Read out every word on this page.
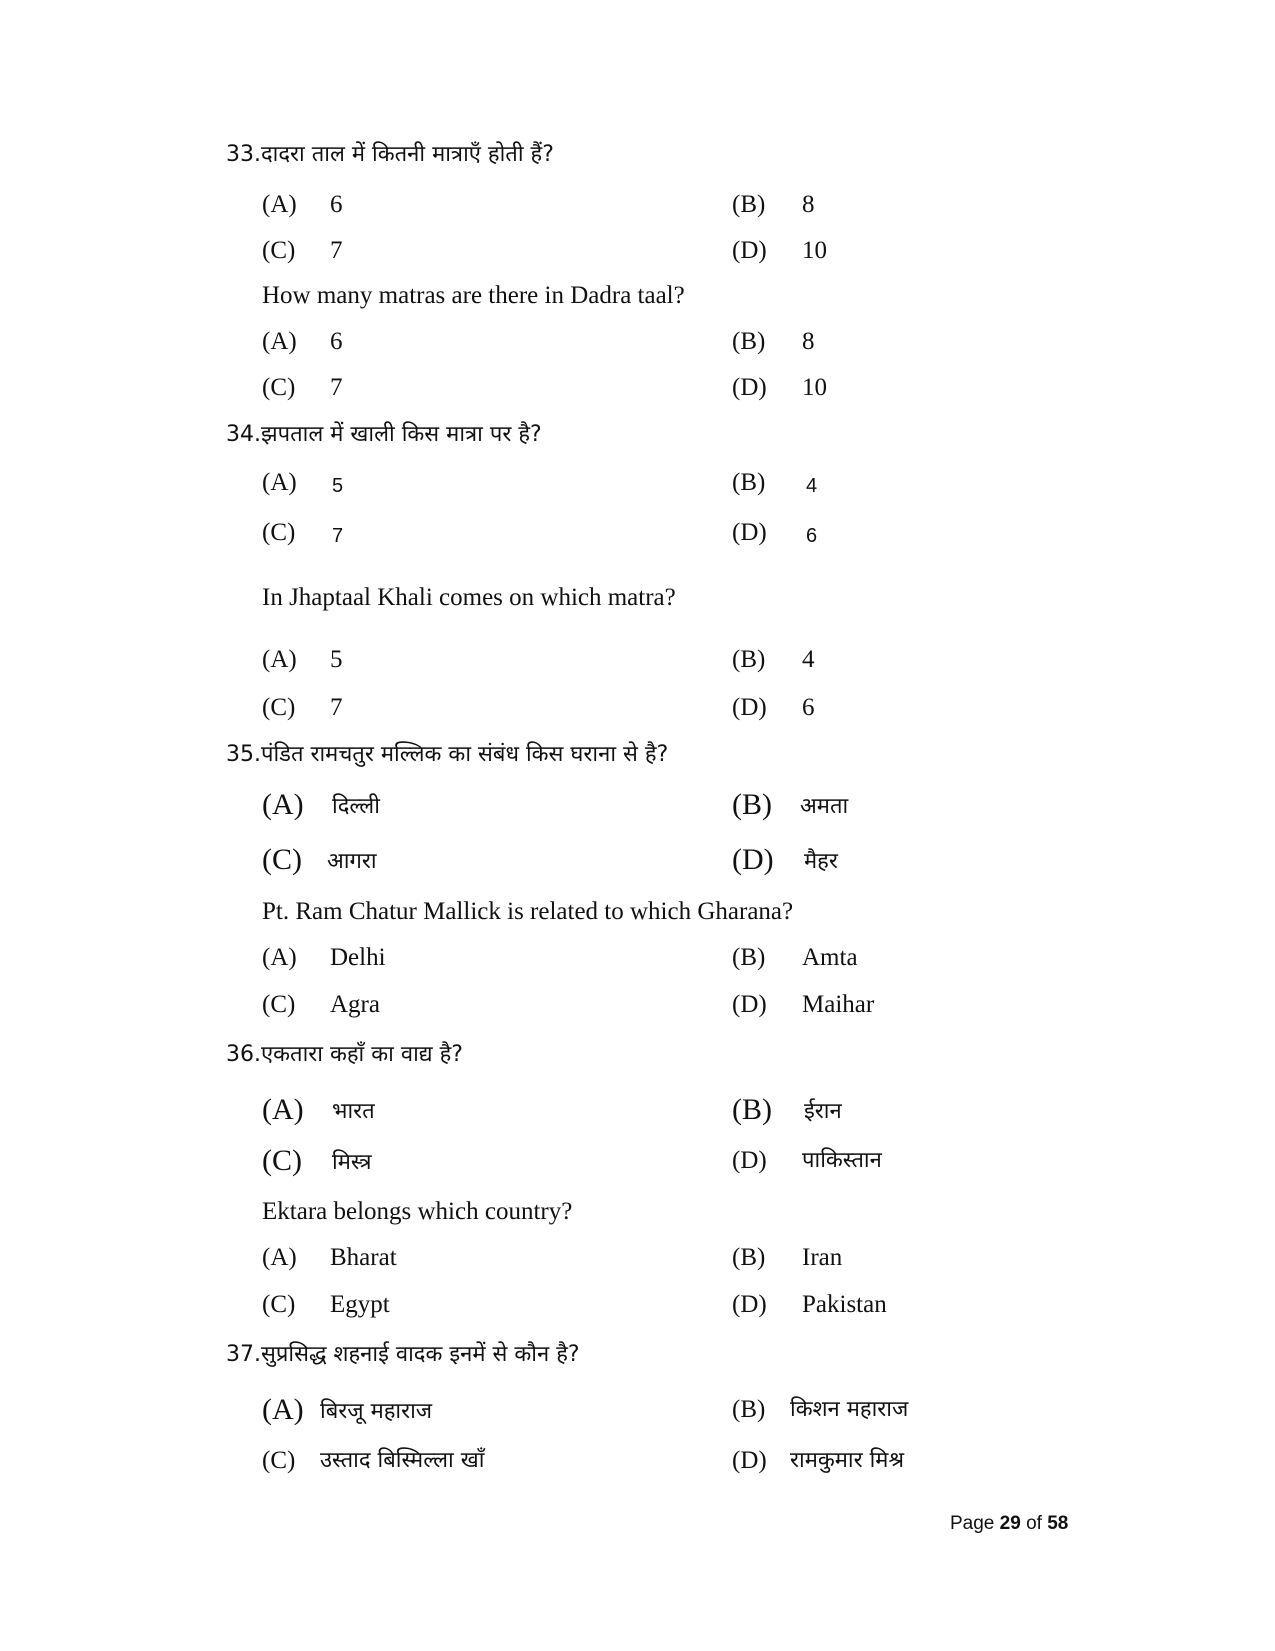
33.दादरा ताल में कितनी मात्राएँ होती हैं?
(A) 6	(B) 8
(C) 7	(D) 10
How many matras are there in Dadra taal?
(A) 6	(B) 8
(C) 7	(D) 10
34.झपताल में खाली किस मात्रा पर है?
(A) 5	(B) 4
(C) 7	(D) 6
In Jhaptaal Khali comes on which matra?
(A) 5	(B) 4
(C) 7	(D) 6
35.पंडित रामचतुर मल्लिक का संबंध किस घराना से है?
(A) दिल्ली	(B) अमता
(C) आगरा	(D) मैहर
Pt. Ram Chatur Mallick is related to which Gharana?
(A) Delhi	(B) Amta
(C) Agra	(D) Maihar
36.एकतारा कहाँ का वाद्य है?
(A) भारत	(B) ईरान
(C) मिस्त्र	(D) पाकिस्तान
Ektara belongs which country?
(A) Bharat	(B) Iran
(C) Egypt	(D) Pakistan
37.सुप्रसिद्ध शहनाई वादक इनमें से कौन है?
(A) बिरजू महाराज	(B) किशन महाराज
(C) उस्ताद बिस्मिल्ला खाँ	(D) रामकुमार मिश्र
Page 29 of 58
